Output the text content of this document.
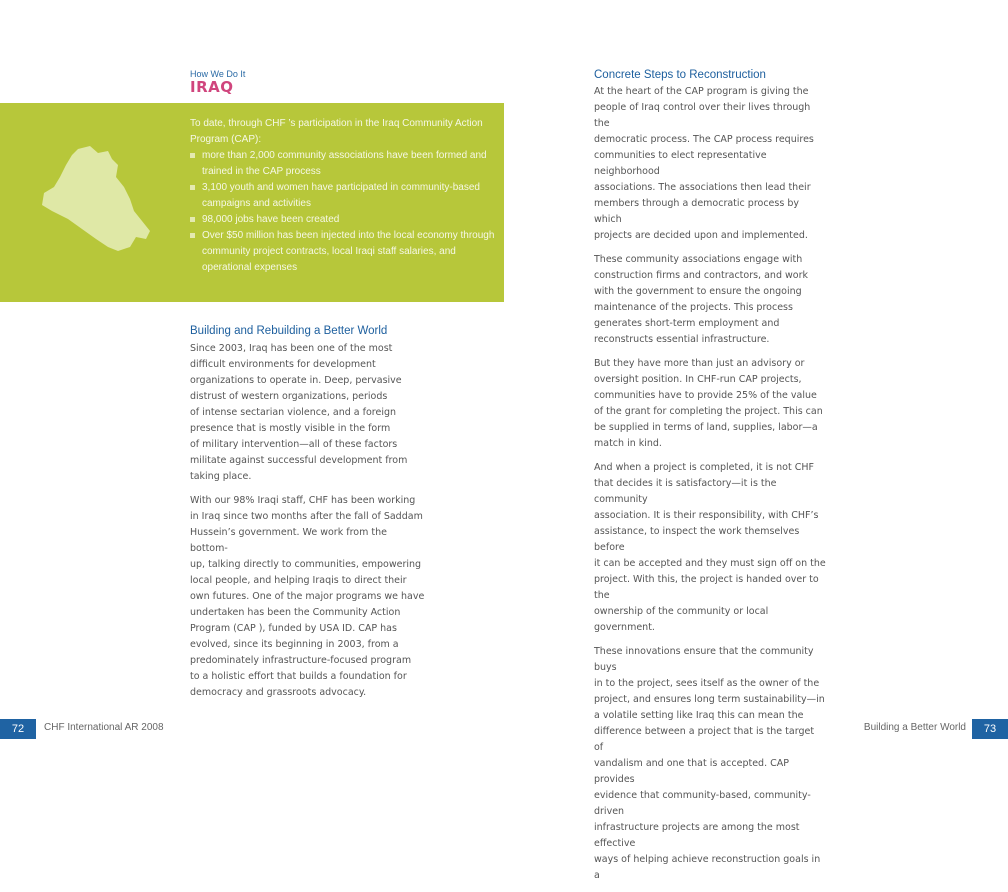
How We Do It
IRAQ
To date, through CHF ’s participation in the Iraq Community Action Program (CAP):
more than 2,000 community associations have been formed and trained in the CAP process
3,100 youth and women have participated in community-based campaigns and activities
98,000 jobs have been created
Over $50 million has been injected into the local economy through community project contracts, local Iraqi staff salaries, and operational expenses
Building and Rebuilding a Better World

Since 2003, Iraq has been one of the most
difficult environments for development
organizations to operate in. Deep, pervasive
distrust of western organizations, periods
of intense sectarian violence, and a foreign
presence that is mostly visible in the form
of military intervention—all of these factors
militate against successful development from
taking place.

With our 98% Iraqi staff, CHF has been working
in Iraq since two months after the fall of Saddam
Hussein’s government. We work from the bottom-
up, talking directly to communities, empowering
local people, and helping Iraqis to direct their
own futures. One of the major programs we have
undertaken has been the Community Action
Program (CAP ), funded by USA ID. CAP has
evolved, since its beginning in 2003, from a
predominately infrastructure-focused program
to a holistic effort that builds a foundation for
democracy and grassroots advocacy.

Concrete Steps to Reconstruction

At the heart of the CAP program is giving the
people of Iraq control over their lives through the
democratic process. The CAP process requires
communities to elect representative neighborhood
associations. The associations then lead their
members through a democratic process by which
projects are decided upon and implemented.

These community associations engage with
construction firms and contractors, and work
with the government to ensure the ongoing
maintenance of the projects. This process
generates short-term employment and
reconstructs essential infrastructure.

But they have more than just an advisory or
oversight position. In CHF-run CAP projects,
communities have to provide 25% of the value
of the grant for completing the project. This can
be supplied in terms of land, supplies, labor—a
match in kind.

And when a project is completed, it is not CHF
that decides it is satisfactory—it is the community
association. It is their responsibility, with CHF’s
assistance, to inspect the work themselves before
it can be accepted and they must sign off on the
project. With this, the project is handed over to the
ownership of the community or local government.

These innovations ensure that the community buys
in to the project, sees itself as the owner of the
project, and ensures long term sustainability—in
a volatile setting like Iraq this can mean the
difference between a project that is the target of
vandalism and one that is accepted. CAP provides
evidence that community-based, community-driven
infrastructure projects are among the most effective
ways of helping achieve reconstruction goals in a

72	CHF International AR 2008	Building a Better World	73
